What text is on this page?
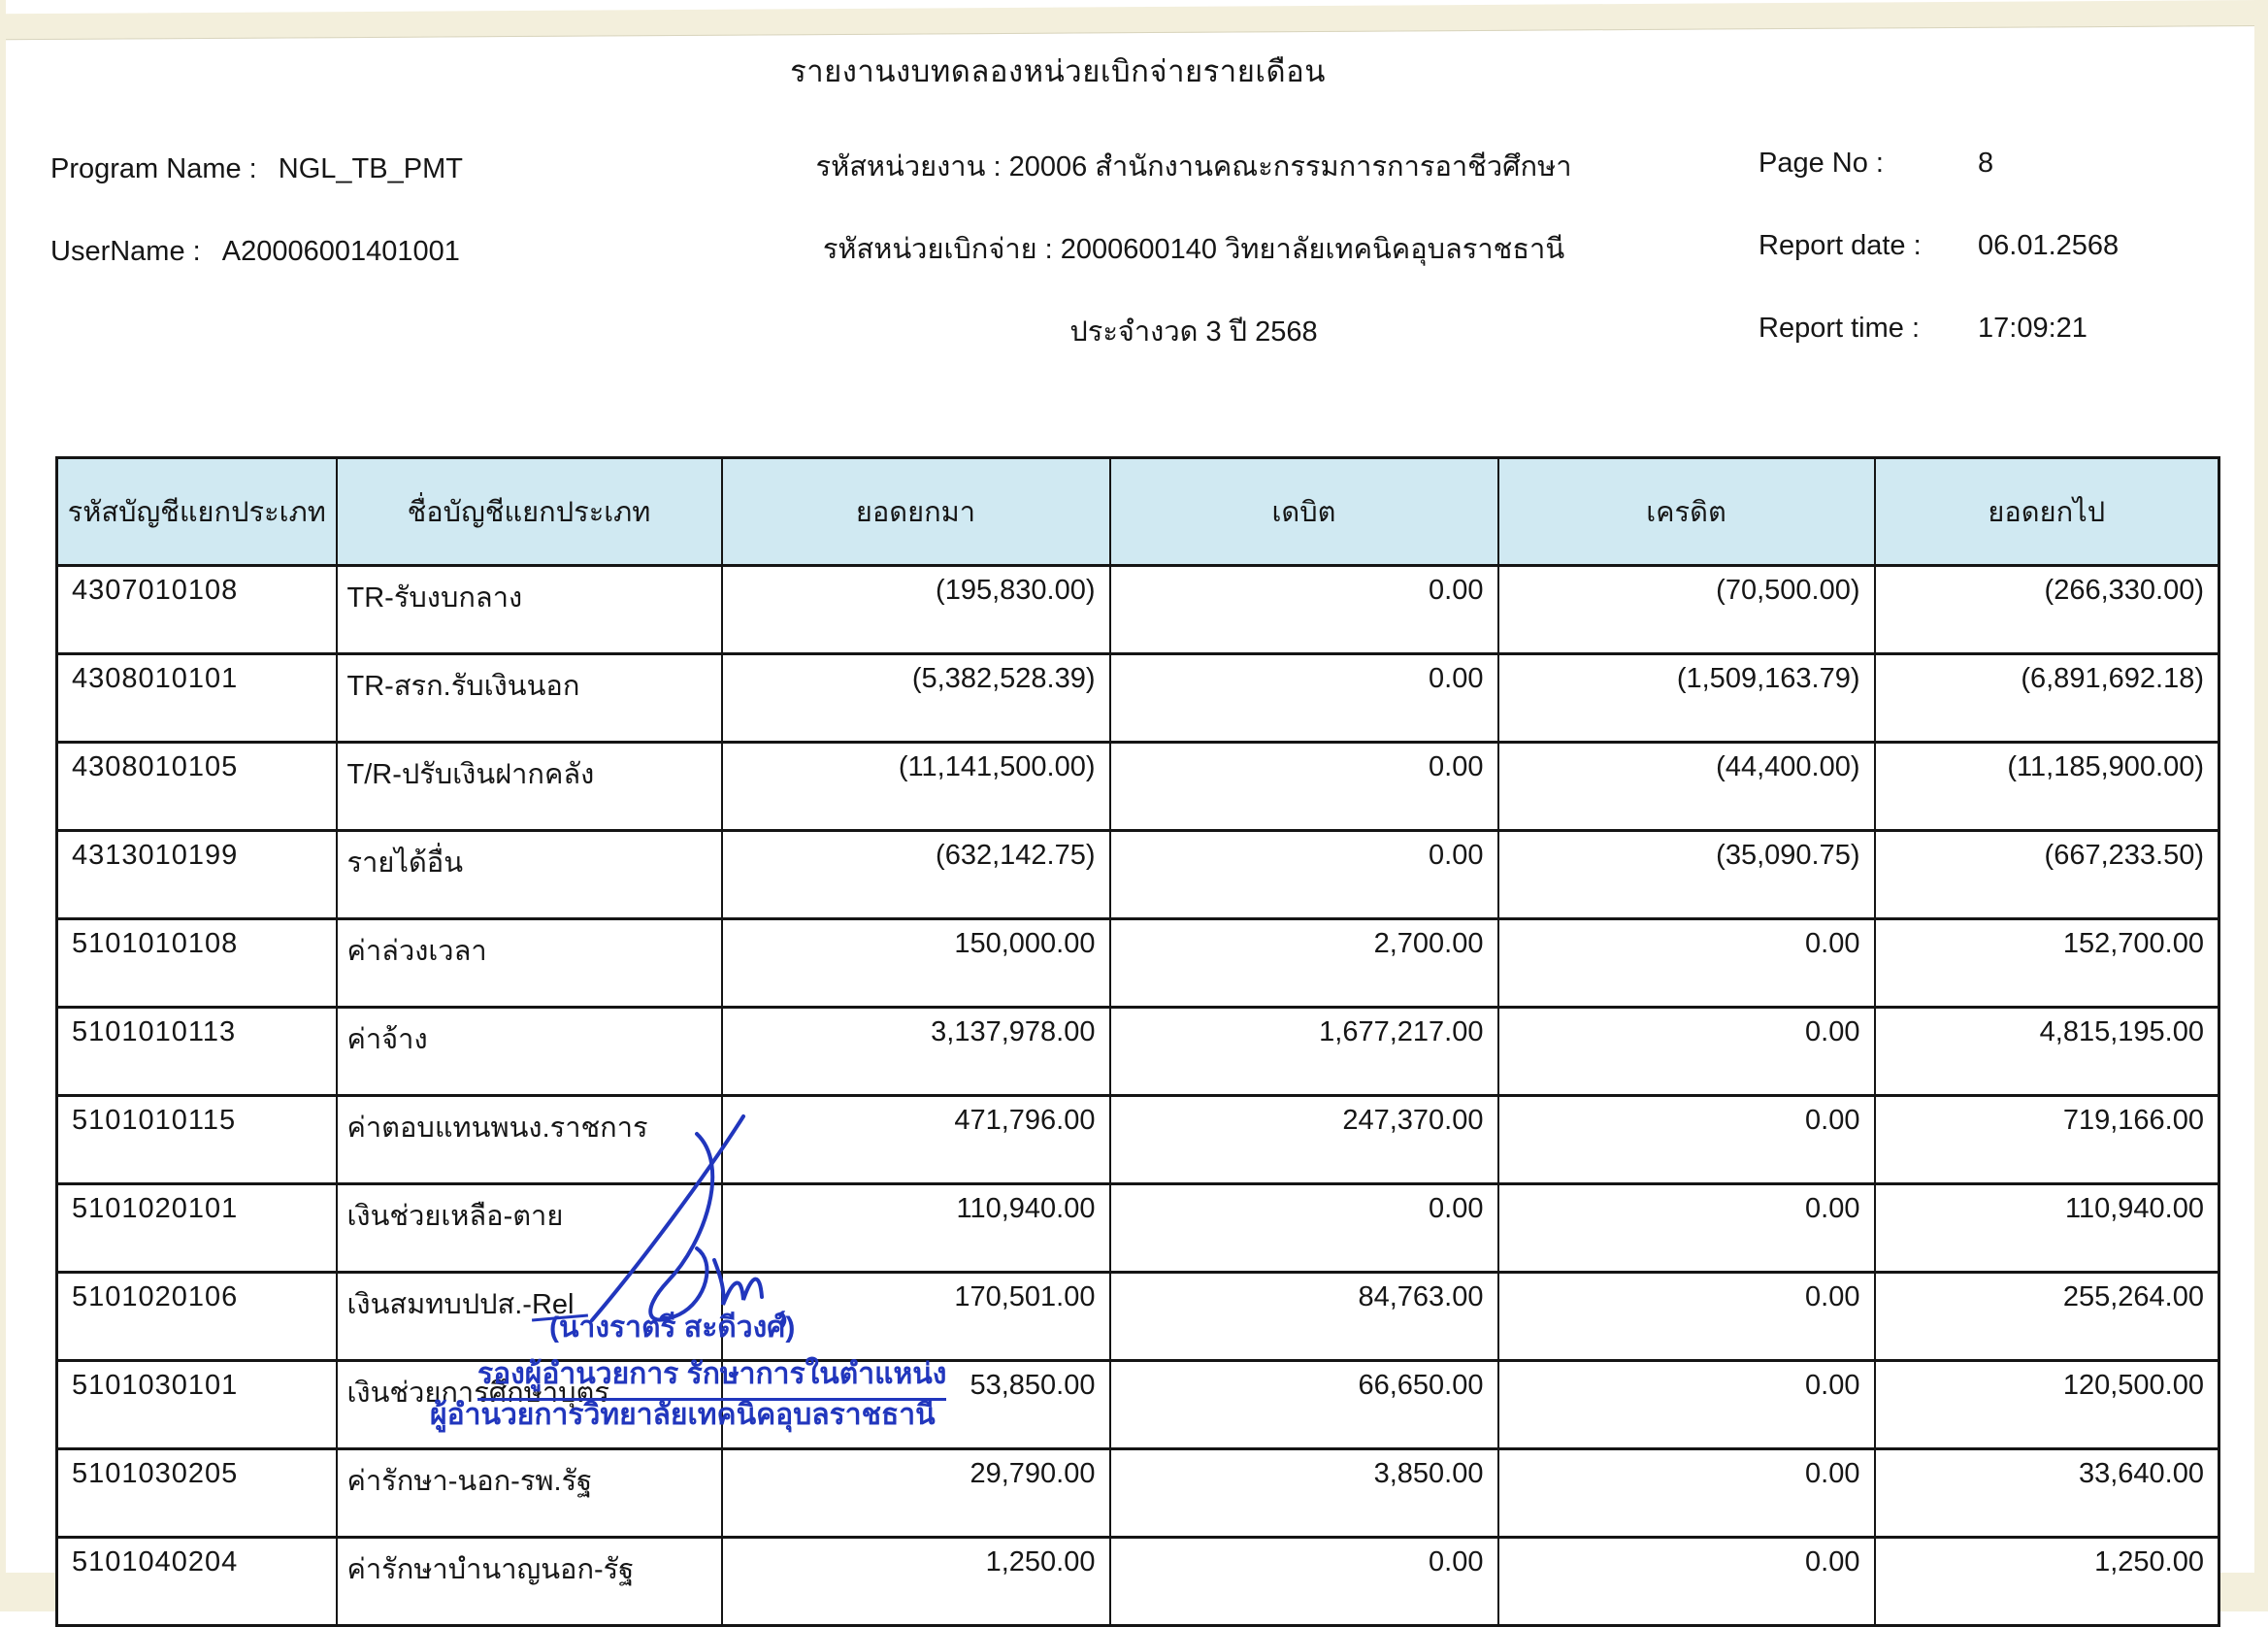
รายงานงบทดลองหน่วยเบิกจ่ายรายเดือน
Program Name : NGL_TB_PMT
UserName : A20006001401001
รหัสหน่วยงาน : 20006 สำนักงานคณะกรรมการการอาชีวศึกษา
รหัสหน่วยเบิกจ่าย : 2000600140 วิทยาลัยเทคนิคอุบลราชธานี
ประจำงวด 3 ปี 2568
Page No :	8
Report date : 06.01.2568
Report time : 17:09:21
รหัสบัญชีแยกประเภท	ชื่อบัญชีแยกประเภท	ยอดยกมา	เดบิต	เครดิต	ยอดยกไป
4307010108	TR-รับงบกลาง	(195,830.00)	0.00	(70,500.00)	(266,330.00)
4308010101	TR-สรก.รับเงินนอก	(5,382,528.39)	0.00	(1,509,163.79)	(6,891,692.18)
4308010105	T/R-ปรับเงินฝากคลัง	(11,141,500.00)	0.00	(44,400.00)	(11,185,900.00)
4313010199	รายได้อื่น	(632,142.75)	0.00	(35,090.75)	(667,233.50)
5101010108	ค่าล่วงเวลา	150,000.00	2,700.00	0.00	152,700.00
5101010113	ค่าจ้าง	3,137,978.00	1,677,217.00	0.00	4,815,195.00
5101010115	ค่าตอบแทนพนง.ราชการ	471,796.00	247,370.00	0.00	719,166.00
5101020101	เงินช่วยเหลือ-ตาย	110,940.00	0.00	0.00	110,940.00
5101020106	เงินสมทบปปส.-Rel	170,501.00	84,763.00	0.00	255,264.00
5101030101	เงินช่วยการศึกษาบุตร	53,850.00	66,650.00	0.00	120,500.00
5101030205	ค่ารักษา-นอก-รพ.รัฐ	29,790.00	3,850.00	0.00	33,640.00
5101040204	ค่ารักษาบำนาญนอก-รัฐ	1,250.00	0.00	0.00	1,250.00
(นางราตรี สะดีวงศ์)
รองผู้อำนวยการ รักษาการในตำแหน่ง
ผู้อำนวยการวิทยาลัยเทคนิคอุบลราชธานี
